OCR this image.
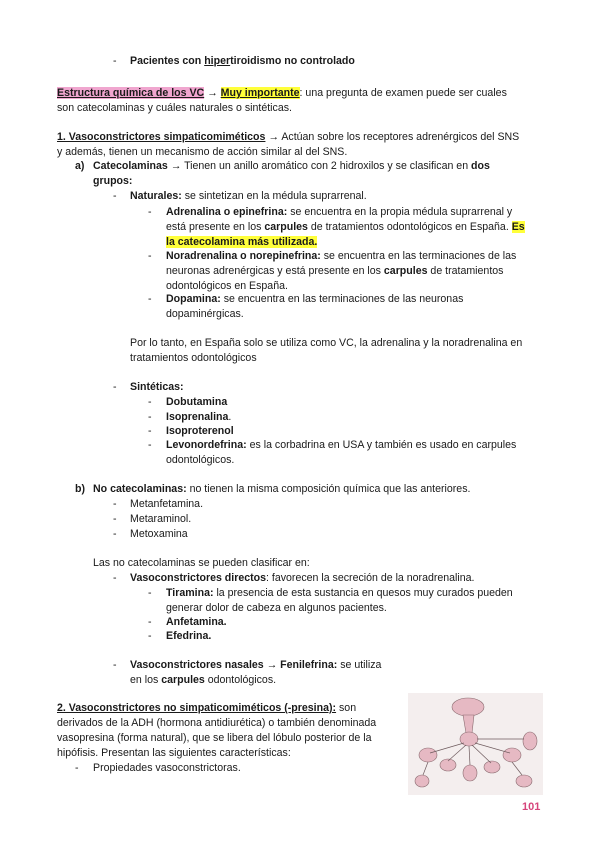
- Pacientes con hipertiroidismo no controlado
Estructura química de los VC → Muy importante: una pregunta de examen puede ser cuales
son catecolaminas y cuáles naturales o sintéticas.
1. Vasoconstrictores simpaticomiméticos → Actúan sobre los receptores adrenérgicos del SNS
y además, tienen un mecanismo de acción similar al del SNS.
a) Catecolaminas → Tienen un anillo aromático con 2 hidroxilos y se clasifican en dos
grupos:
- Naturales: se sintetizan en la médula suprarrenal.
- Adrenalina o epinefrina: se encuentra en la propia médula suprarrenal y
está presente en los carpules de tratamientos odontológicos en España. Es
la catecolamina más utilizada.
- Noradrenalina o norepinefrina: se encuentra en las terminaciones de las
neuronas adrenérgicas y está presente en los carpules de tratamientos
odontológicos en España.
- Dopamina: se encuentra en las terminaciones de las neuronas
dopaminérgicas.
Por lo tanto, en España solo se utiliza como VC, la adrenalina y la noradrenalina en
tratamientos odontológicos
- Sintéticas:
- Dobutamina
- Isoprenalina.
- Isoproterenol
- Levonordefrina: es la corbadrina en USA y también es usado en carpules
odontológicos.
b) No catecolaminas: no tienen la misma composición química que las anteriores.
- Metanfetamina.
- Metaraminol.
- Metoxamina
Las no catecolaminas se pueden clasificar en:
- Vasoconstrictores directos: favorecen la secreción de la noradrenalina.
- Tiramina: la presencia de esta sustancia en quesos muy curados pueden
generar dolor de cabeza en algunos pacientes.
- Anfetamina.
- Efedrina.
- Vasoconstrictores nasales → Fenilefrina: se utiliza
en los carpules odontológicos.
2. Vasoconstrictores no simpaticomiméticos (-presina): son
derivados de la ADH (hormona antidiurética) o también denominada
vasopresina (forma natural), que se libera del lóbulo posterior de la
hipófisis. Presentan las siguientes características:
- Propiedades vasoconstrictoras.
101
